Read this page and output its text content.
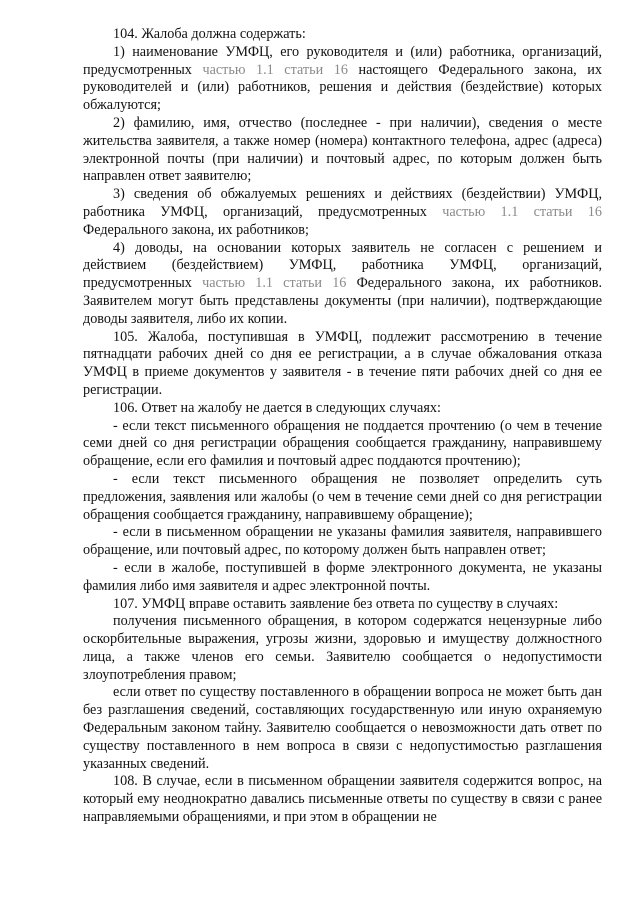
104. Жалоба должна содержать:

1) наименование УМФЦ, его руководителя и (или) работника, организаций, предусмотренных частью 1.1 статьи 16 настоящего Федерального закона, их руководителей и (или) работников, решения и действия (бездействие) которых обжалуются;

2) фамилию, имя, отчество (последнее - при наличии), сведения о месте жительства заявителя, а также номер (номера) контактного телефона, адрес (адреса) электронной почты (при наличии) и почтовый адрес, по которым должен быть направлен ответ заявителю;

3) сведения об обжалуемых решениях и действиях (бездействии) УМФЦ, работника УМФЦ, организаций, предусмотренных частью 1.1 статьи 16 Федерального закона, их работников;

4) доводы, на основании которых заявитель не согласен с решением и действием (бездействием) УМФЦ, работника УМФЦ, организаций, предусмотренных частью 1.1 статьи 16 Федерального закона, их работников. Заявителем могут быть представлены документы (при наличии), подтверждающие доводы заявителя, либо их копии.

105. Жалоба, поступившая в УМФЦ, подлежит рассмотрению в течение пятнадцати рабочих дней со дня ее регистрации, а в случае обжалования отказа УМФЦ в приеме документов у заявителя - в течение пяти рабочих дней со дня ее регистрации.

106. Ответ на жалобу не дается в следующих случаях:

- если текст письменного обращения не поддается прочтению (о чем в течение семи дней со дня регистрации обращения сообщается гражданину, направившему обращение, если его фамилия и почтовый адрес поддаются прочтению);

- если текст письменного обращения не позволяет определить суть предложения, заявления или жалобы (о чем в течение семи дней со дня регистрации обращения сообщается гражданину, направившему обращение);

- если в письменном обращении не указаны фамилия заявителя, направившего обращение, или почтовый адрес, по которому должен быть направлен ответ;

- если в жалобе, поступившей в форме электронного документа, не указаны фамилия либо имя заявителя и адрес электронной почты.

107. УМФЦ вправе оставить заявление без ответа по существу в случаях:

получения письменного обращения, в котором содержатся нецензурные либо оскорбительные выражения, угрозы жизни, здоровью и имуществу должностного лица, а также членов его семьи. Заявителю сообщается о недопустимости злоупотребления правом;

если ответ по существу поставленного в обращении вопроса не может быть дан без разглашения сведений, составляющих государственную или иную охраняемую Федеральным законом тайну. Заявителю сообщается о невозможности дать ответ по существу поставленного в нем вопроса в связи с недопустимостью разглашения указанных сведений.

108. В случае, если в письменном обращении заявителя содержится вопрос, на который ему неоднократно давались письменные ответы по существу в связи с ранее направляемыми обращениями, и при этом в обращении не
